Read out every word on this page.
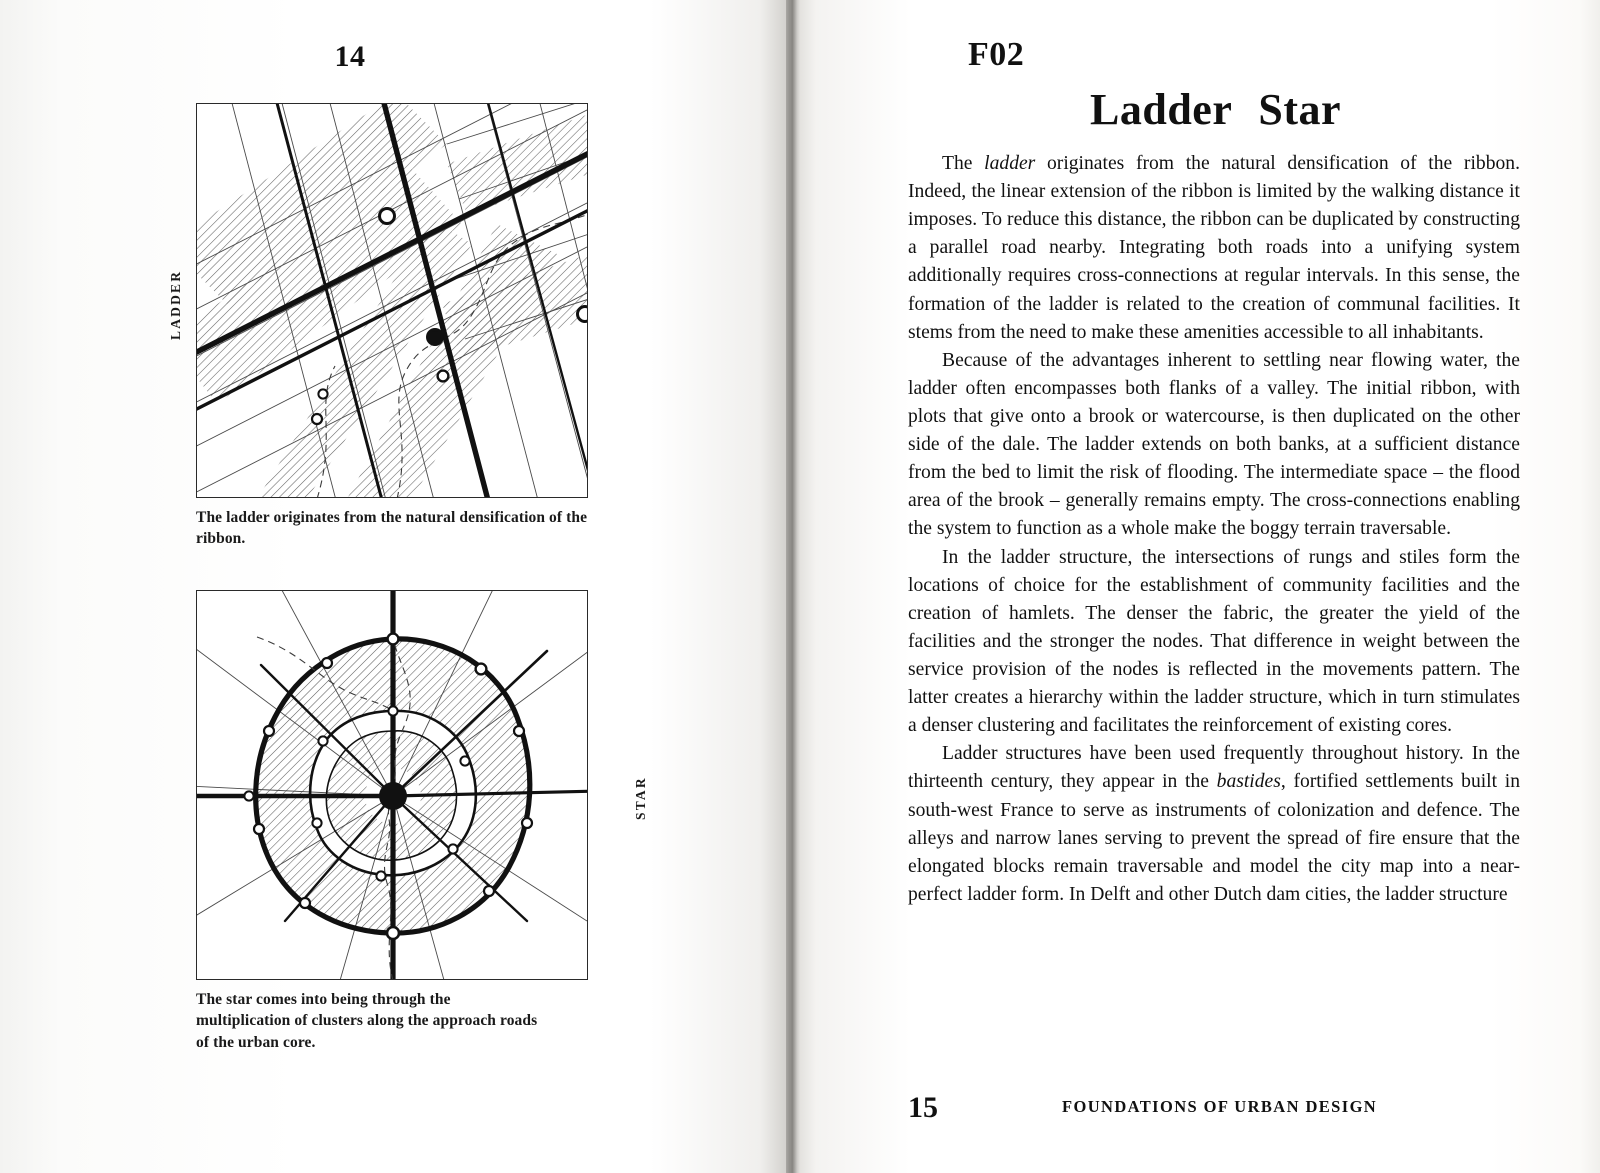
14
LADDER
STAR
The ladder originates from the natural densification of the ribbon.
The star comes into being through the multiplication of clusters along the approach roads of the urban core.
F02
Ladder Star

The ladder originates from the natural densification of the ribbon. Indeed, the linear extension of the ribbon is limited by the walking distance it imposes. To reduce this distance, the ribbon can be duplicated by constructing a parallel road nearby. Integrating both roads into a unifying system additionally requires cross-connections at regular intervals. In this sense, the formation of the ladder is related to the creation of communal facilities. It stems from the need to make these amenities accessible to all inhabitants.

Because of the advantages inherent to settling near flowing water, the ladder often encompasses both flanks of a valley. The initial ribbon, with plots that give onto a brook or watercourse, is then duplicated on the other side of the dale. The ladder extends on both banks, at a sufficient distance from the bed to limit the risk of flooding. The intermediate space – the flood area of the brook – generally remains empty. The cross-connections enabling the system to function as a whole make the boggy terrain traversable.

In the ladder structure, the intersections of rungs and stiles form the locations of choice for the establishment of community facilities and the creation of hamlets. The denser the fabric, the greater the yield of the facilities and the stronger the nodes. That difference in weight between the service provision of the nodes is reflected in the movements pattern. The latter creates a hierarchy within the ladder structure, which in turn stimulates a denser clustering and facilitates the reinforcement of existing cores.

Ladder structures have been used frequently throughout history. In the thirteenth century, they appear in the bastides, fortified settlements built in south-west France to serve as instruments of colonization and defence. The alleys and narrow lanes serving to prevent the spread of fire ensure that the elongated blocks remain traversable and model the city map into a near-perfect ladder form. In Delft and other Dutch dam cities, the ladder structure

15	FOUNDATIONS OF URBAN DESIGN
